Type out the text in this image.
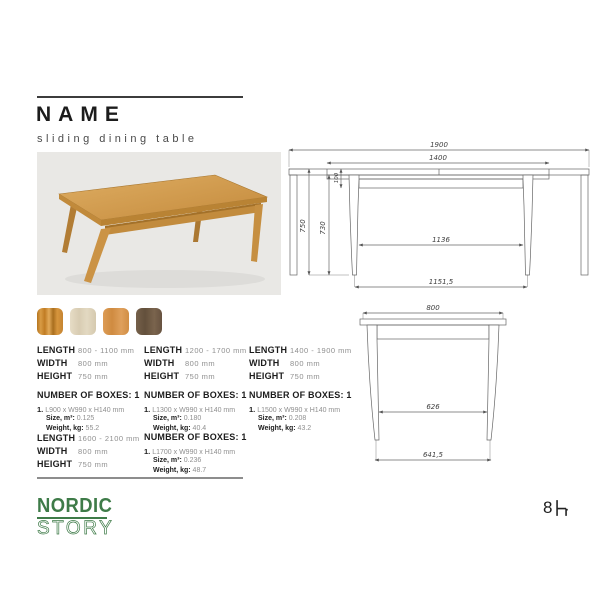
NAME
sliding dining table	1900
1400
750 730
100
1136
1151,5
800
626
641,5
LENGTH 800 - 1100 mm
WIDTH	800 mm
HEIGHT 750 mm
NUMBER OF BOXES: 1
1. L900 x W990 x H140 mm
Size, m³: 0.125
Weight, kg: 55.2
LENGTH 1200 - 1700 mm
WIDTH	800 mm
HEIGHT 750 mm
NUMBER OF BOXES: 1
1. L1300 x W990 x H140 mm
Size, m³: 0.180
Weight, kg: 40.4
LENGTH 1400 - 1900 mm
WIDTH	800 mm
HEIGHT 750 mm
NUMBER OF BOXES: 1
1. L1500 x W990 x H140 mm
Size, m³: 0.208
Weight, kg: 43.2
LENGTH 1600 - 2100 mm
WIDTH	800 mm
HEIGHT 750 mm
NUMBER OF BOXES: 1
1. L1700 x W990 x H140 mm
Size, m³: 0.236
Weight, kg: 48.7
NORDIC
STORY
8
